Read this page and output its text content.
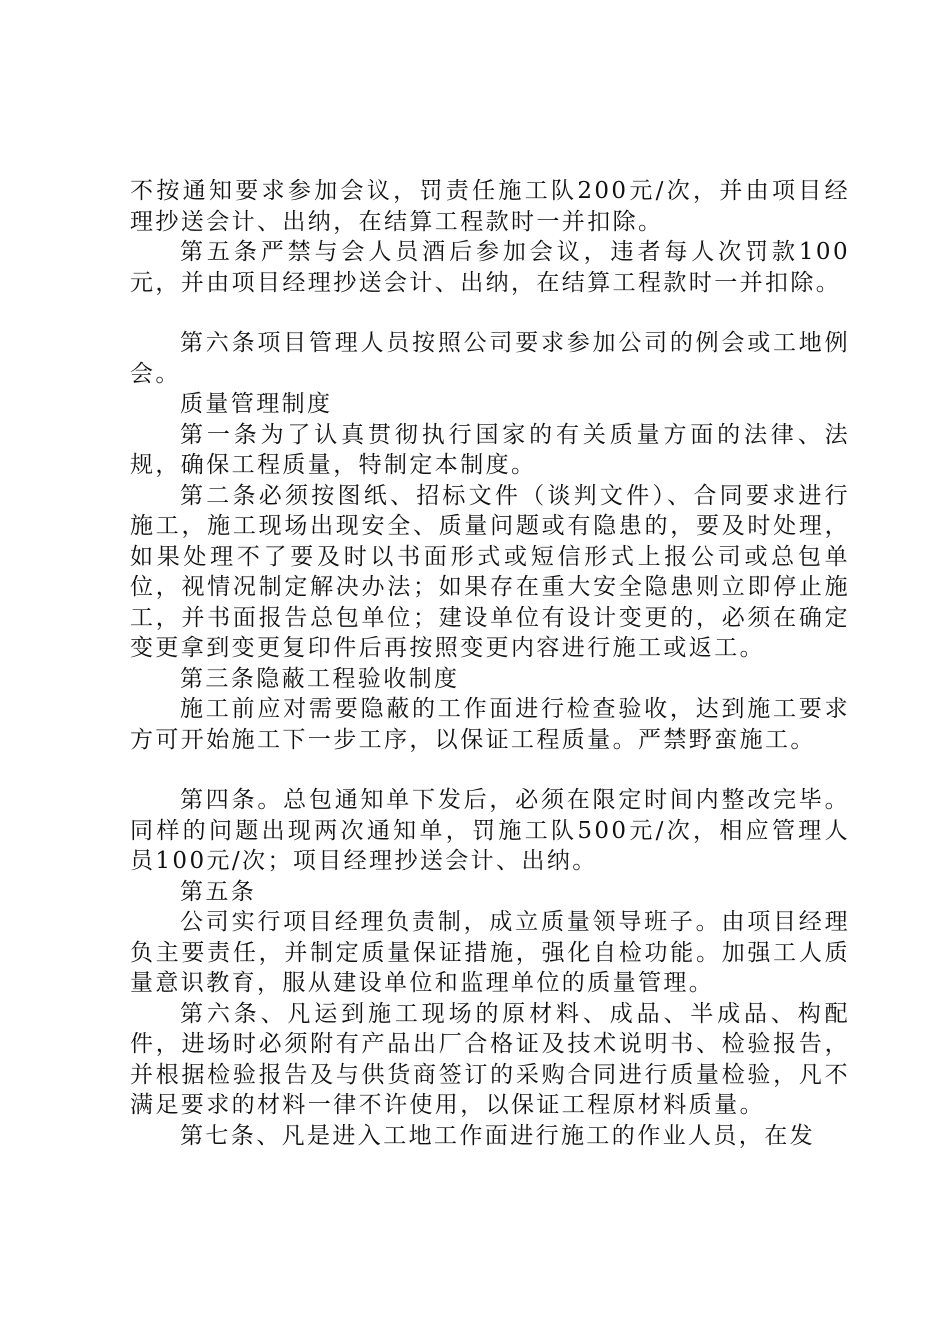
不按通知要求参加会议，罚责任施工队200元/次，并由项目经理抄送会计、出纳，在结算工程款时一并扣除。

第五条严禁与会人员酒后参加会议，违者每人次罚款100元，并由项目经理抄送会计、出纳，在结算工程款时一并扣除。

第六条项目管理人员按照公司要求参加公司的例会或工地例会。

质量管理制度

第一条为了认真贯彻执行国家的有关质量方面的法律、法规，确保工程质量，特制定本制度。

第二条必须按图纸、招标文件（谈判文件）、合同要求进行施工，施工现场出现安全、质量问题或有隐患的，要及时处理，如果处理不了要及时以书面形式或短信形式上报公司或总包单位，视情况制定解决办法；如果存在重大安全隐患则立即停止施工，并书面报告总包单位；建设单位有设计变更的，必须在确定变更拿到变更复印件后再按照变更内容进行施工或返工。

第三条隐蔽工程验收制度

施工前应对需要隐蔽的工作面进行检查验收，达到施工要求方可开始施工下一步工序，以保证工程质量。严禁野蛮施工。

第四条。总包通知单下发后，必须在限定时间内整改完毕。同样的问题出现两次通知单，罚施工队500元/次，相应管理人员100元/次；项目经理抄送会计、出纳。

第五条

公司实行项目经理负责制，成立质量领导班子。由项目经理负主要责任，并制定质量保证措施，强化自检功能。加强工人质量意识教育，服从建设单位和监理单位的质量管理。

第六条、凡运到施工现场的原材料、成品、半成品、构配件，进场时必须附有产品出厂合格证及技术说明书、检验报告，并根据检验报告及与供货商签订的采购合同进行质量检验，凡不满足要求的材料一律不许使用，以保证工程原材料质量。

第七条、凡是进入工地工作面进行施工的作业人员，在发
